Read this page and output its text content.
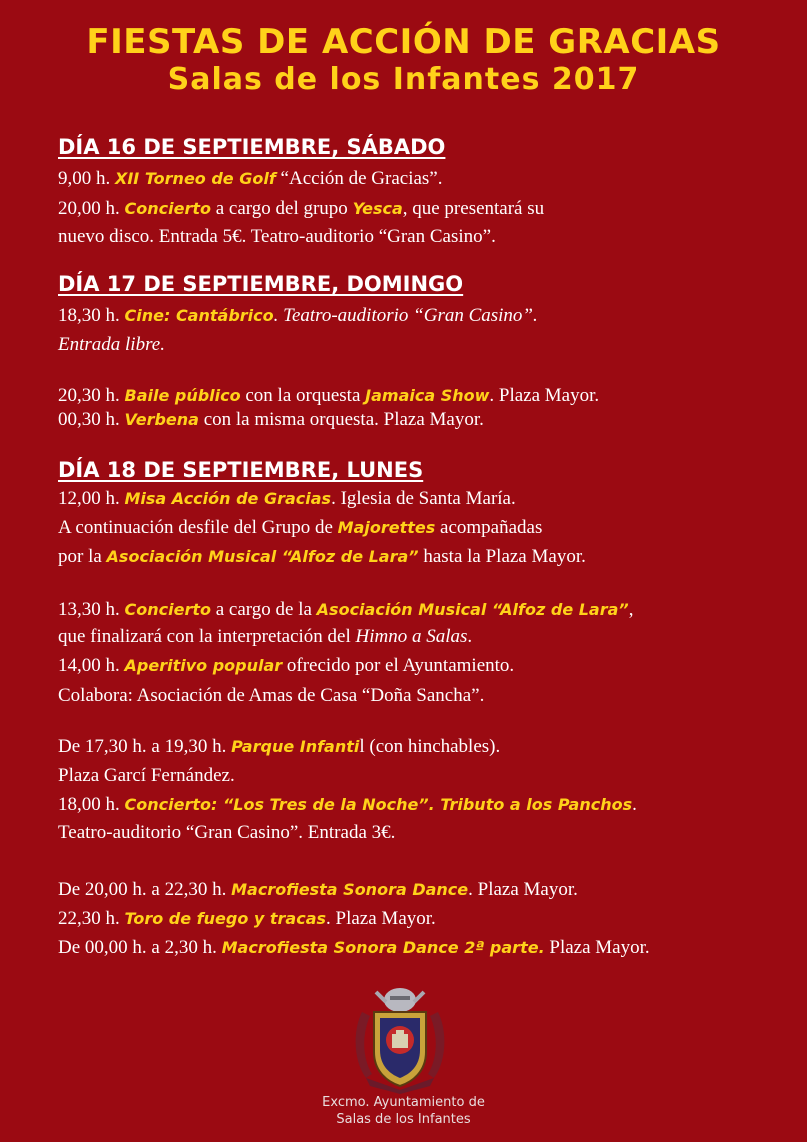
FIESTAS DE ACCIÓN DE GRACIAS
Salas de los Infantes 2017
DÍA 16 DE SEPTIEMBRE, SÁBADO
9,00 h. XII Torneo de Golf “Acción de Gracias”.
20,00 h. Concierto a cargo del grupo Yesca, que presentará su
nuevo disco. Entrada 5€. Teatro-auditorio “Gran Casino”.
DÍA 17 DE SEPTIEMBRE, DOMINGO
18,30 h. Cine: Cantábrico. Teatro-auditorio “Gran Casino”.
Entrada libre.
20,30 h. Baile público con la orquesta Jamaica Show. Plaza Mayor.
00,30 h. Verbena con la misma orquesta. Plaza Mayor.
DÍA 18 DE SEPTIEMBRE, LUNES
12,00 h. Misa Acción de Gracias. Iglesia de Santa María.
A continuación desfile del Grupo de Majorettes acompañadas
por la Asociación Musical “Alfoz de Lara” hasta la Plaza Mayor.
13,30 h. Concierto a cargo de la Asociación Musical “Alfoz de Lara”,
que finalizará con la interpretación del Himno a Salas.
14,00 h. Aperitivo popular ofrecido por el Ayuntamiento.
Colabora: Asociación de Amas de Casa “Doña Sancha”.
De 17,30 h. a 19,30 h. Parque Infantil (con hinchables).
Plaza Garcí Fernández.
18,00 h. Concierto: “Los Tres de la Noche”. Tributo a los Panchos.
Teatro-auditorio “Gran Casino”. Entrada 3€.
De 20,00 h. a 22,30 h. Macrofiesta Sonora Dance. Plaza Mayor.
22,30 h. Toro de fuego y tracas. Plaza Mayor.
De 00,00 h. a 2,30 h. Macrofiesta Sonora Dance 2ª parte. Plaza Mayor.
Excmo. Ayuntamiento de
Salas de los Infantes
